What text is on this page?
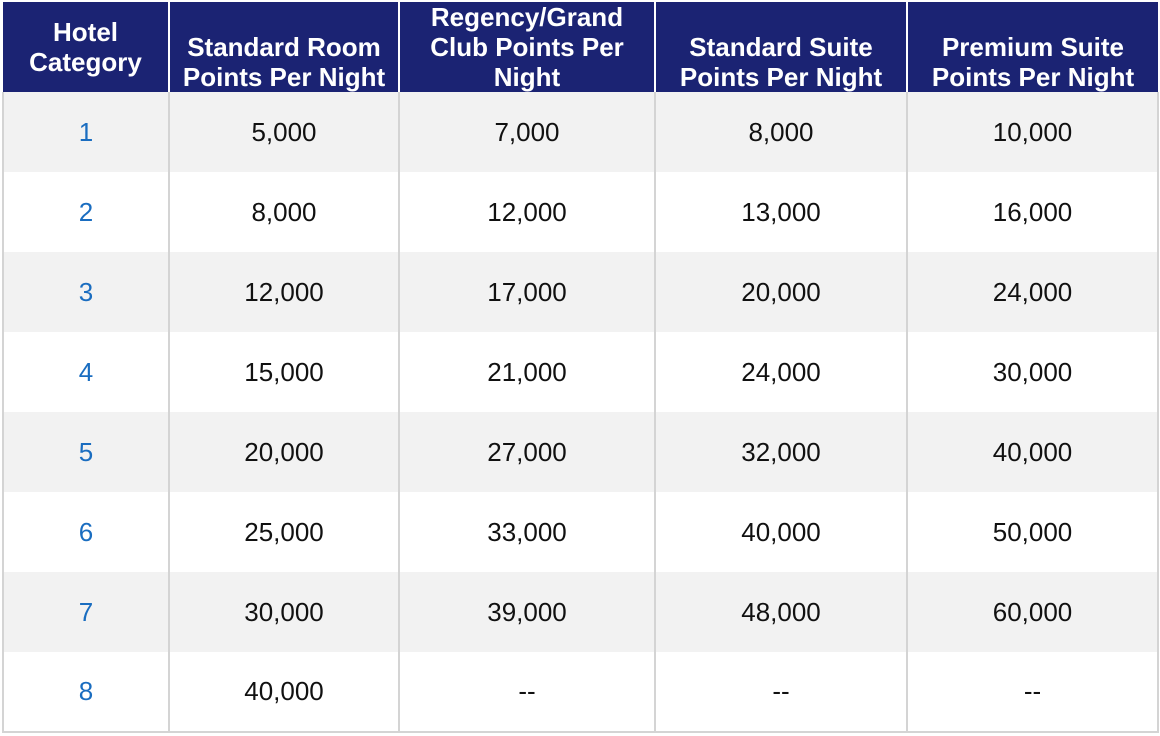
Hotel Category	Standard Room Points Per Night	Regency/Grand Club Points Per Night	Standard Suite Points Per Night	Premium Suite Points Per Night

1	5,000	7,000	8,000	10,000
2	8,000	12,000	13,000	16,000
3	12,000	17,000	20,000	24,000
4	15,000	21,000	24,000	30,000
5	20,000	27,000	32,000	40,000
6	25,000	33,000	40,000	50,000
7	30,000	39,000	48,000	60,000
8	40,000	--	--	--
